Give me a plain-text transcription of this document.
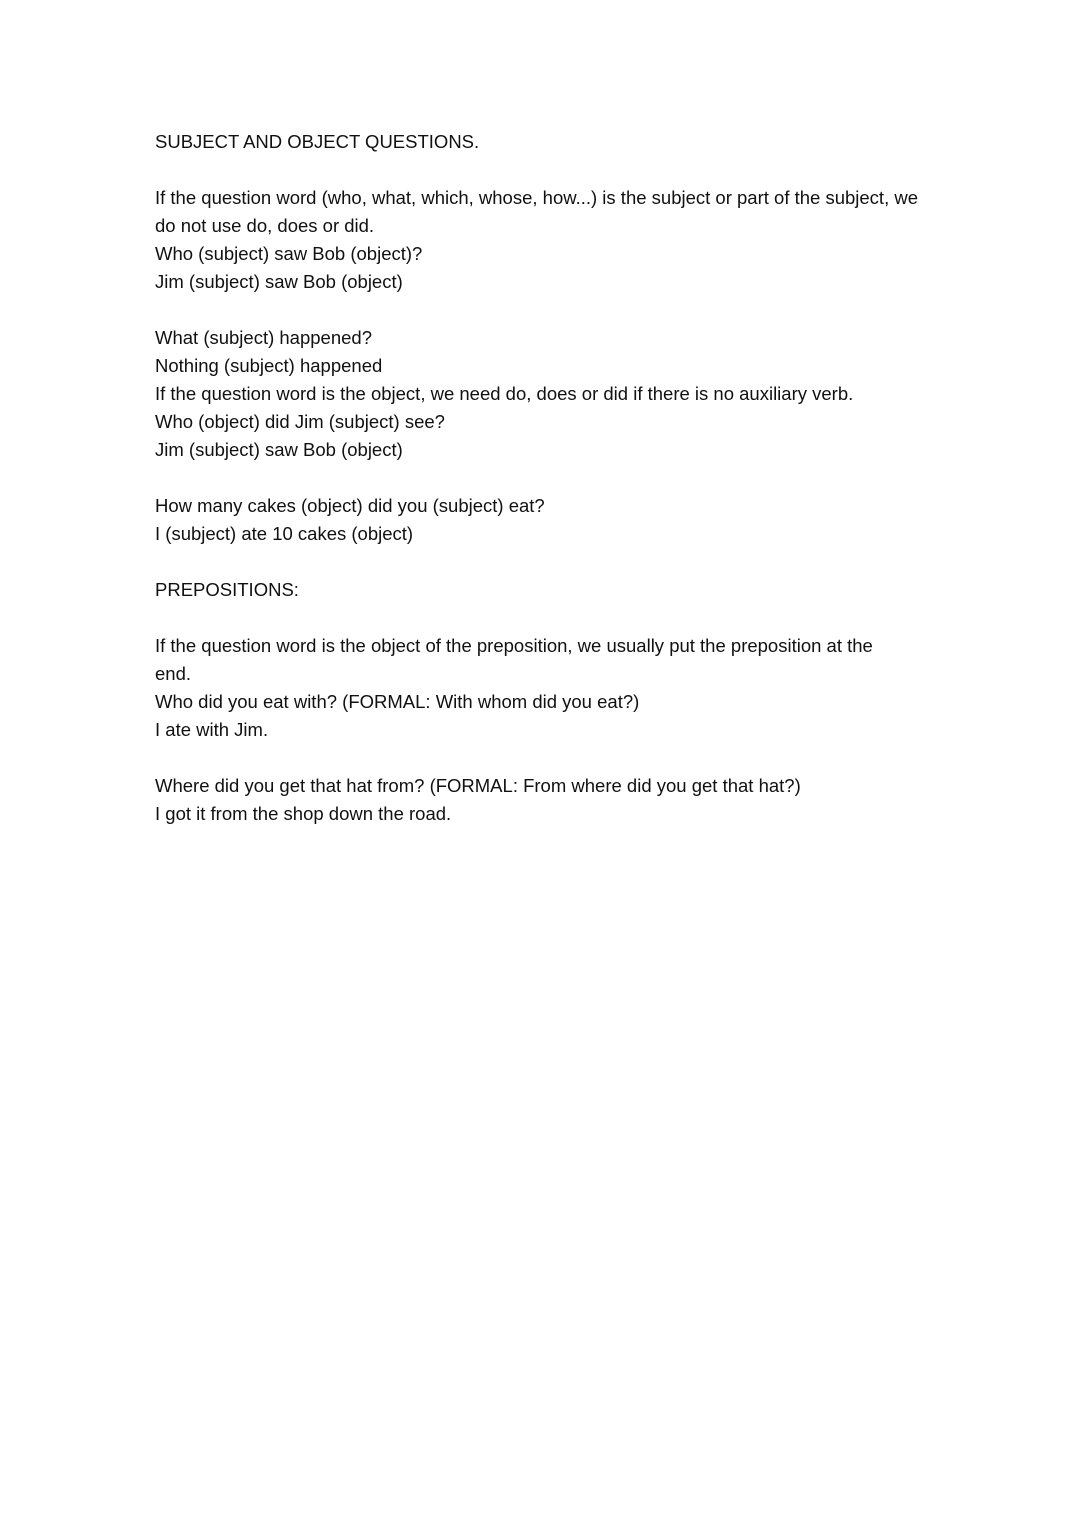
SUBJECT AND OBJECT QUESTIONS.
If the question word (who, what, which, whose, how...) is the subject or part of the subject, we
do not use do, does or did.
Who (subject) saw Bob (object)?
Jim (subject) saw Bob (object)
What (subject) happened?
Nothing (subject) happened
If the question word is the object, we need do, does or did if there is no auxiliary verb.
Who (object) did Jim (subject) see?
Jim (subject) saw Bob (object)
How many cakes (object) did you (subject) eat?
I (subject) ate 10 cakes (object)
PREPOSITIONS:
If the question word is the object of the preposition, we usually put the preposition at the
end.
Who did you eat with? (FORMAL: With whom did you eat?)
I ate with Jim.
Where did you get that hat from? (FORMAL: From where did you get that hat?)
I got it from the shop down the road.
